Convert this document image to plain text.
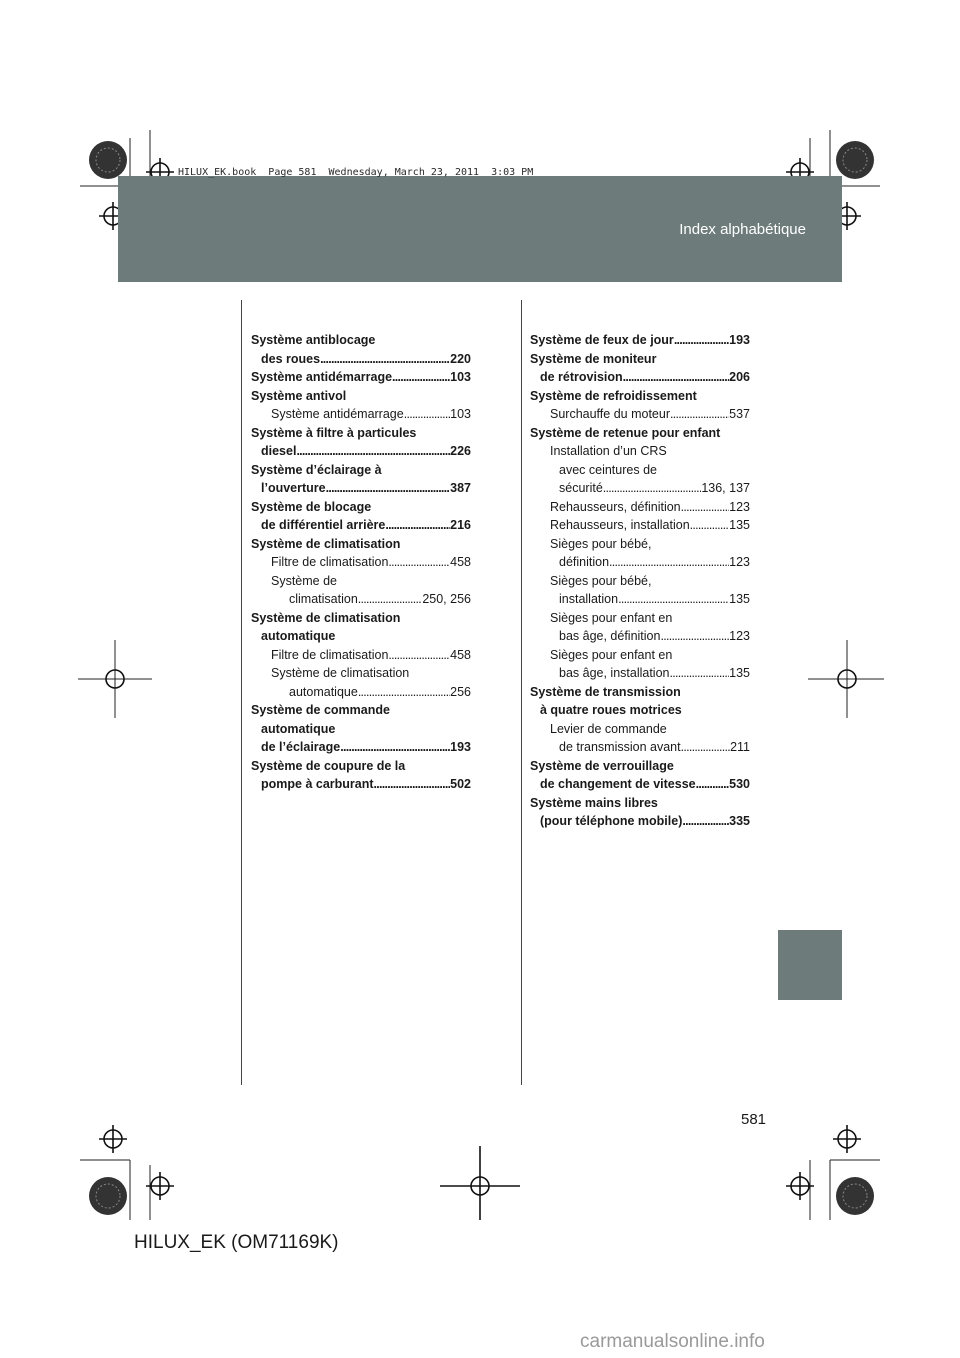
Index alphabétique
HILUX_EK.book  Page 581  Wednesday, March 23, 2011  3:03 PM
Système antiblocage
des roues . . .	220
Système antidémarrage . . .	103
Système antivol
Système antidémarrage . . .	103
Système à filtre à particules
diesel . . .	226
Système d’éclairage à
l’ouverture . . .	387
Système de blocage
de différentiel arrière . . .	216
Système de climatisation
Filtre de climatisation . . .	458
Système de
climatisation . . .	250, 256
Système de climatisation
automatique
Filtre de climatisation . . .	458
Système de climatisation
automatique . . .	256
Système de commande
automatique
de l’éclairage . . .	193
Système de coupure de la
pompe à carburant . . .	502
Système de feux de jour . . .	193
Système de moniteur
de rétrovision . . .	206
Système de refroidissement
Surchauffe du moteur . . .	537
Système de retenue pour enfant
Installation d’un CRS
avec ceintures de
sécurité . . .	136, 137
Rehausseurs, définition . . .	123
Rehausseurs, installation . . .	135
Sièges pour bébé,
définition . . .	123
Sièges pour bébé,
installation . . .	135
Sièges pour enfant en
bas âge, définition . . .	123
Sièges pour enfant en
bas âge, installation . . .	135
Système de transmission
à quatre roues motrices
Levier de commande
de transmission avant . . .	211
Système de verrouillage
de changement de vitesse . . .	530
Système mains libres
(pour téléphone mobile) . . .	335
581
HILUX_EK (OM71169K)
carmanualsonline.info
